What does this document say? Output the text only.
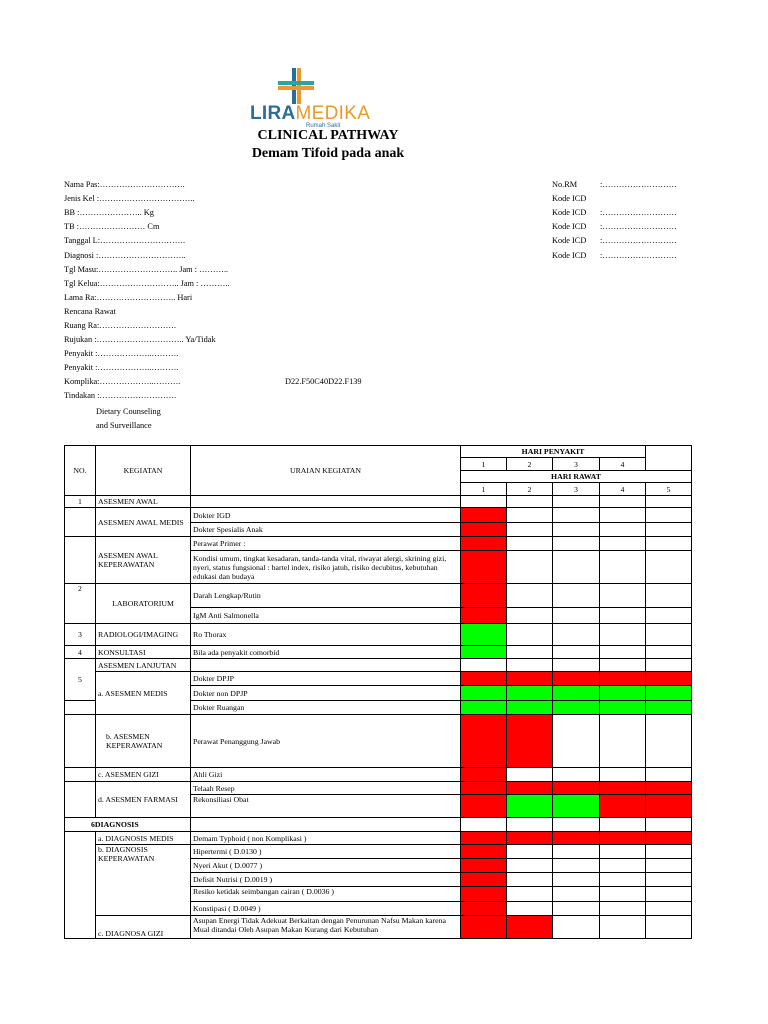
LIRAMEDIKA
Rumah Sakit
CLINICAL PATHWAY
Demam Tifoid pada anak
Nama Pas:………………………….
Jenis Kel :……………………………..
BB :………………….. Kg
TB :…………………… Cm
Tanggal L:………………………….
Diagnosi :…………………………..
Tgl Masu:……………………….. Jam : ………..
Tgl Kelua:……………………….. Jam : ………..
Lama Ra:……………………….. Hari
Rencana Rawat
Ruang Ra:……………………….
Rujukan :………………………….. Ya/Tidak
Penyakit :………………..……….
Penyakit :………………..……….
Komplika:………………..……….
Tindakan :……………………….
Dietary Counseling
and Surveillance
D22.F50C40D22.F139
No.RM	:………………………
Kode ICD
Kode ICD :………………………
Kode ICD :………………………
Kode ICD :………………………
Kode ICD :………………………
NO.	KEGIATAN	URAIAN KEGIATAN	HARI PENYAKIT				
			1	2	3	4	
			HARI RAWAT				
			1	2	3	4	5
1	ASESMEN AWAL						
	ASESMEN AWAL MEDIS	Dokter IGD					
		Dokter Spesialis Anak					
	ASESMEN AWAL KEPERAWATAN	Perawat Primer :					
		Kondisi umum, tingkat kesadaran, tanda-tanda vital, riwayat alergi, skrining gizi, nyeri, status fungsional : bartel index, risiko jatuh, risiko decubitus, kebutuhan edukasi dan budaya					
2	LABORATORIUM	Darah Lengkap/Rutin					
		IgM Anti Salmonella					
3	RADIOLOGI/IMAGING	Ro Thorax					
4	KONSULTASI	Bila ada penyakit comorbid					
5	ASESMEN LANJUTAN						
	a. ASESMEN MEDIS	Dokter DPJP					
		Dokter non DPJP					
		Dokter Ruangan					
	b. ASESMEN KEPERAWATAN	Perawat Penanggung Jawab					
	c. ASESMEN GIZI	Ahli Gizi					
	d. ASESMEN FARMASI	Telaah Resep					
		Rekonsiliasi Obat					
6DIAGNOSIS							
	a. DIAGNOSIS MEDIS	Demam Typhoid ( non Komplikasi )					
	b. DIAGNOSIS KEPERAWATAN	Hipertermi ( D.0130 )					
		Nyeri Akut ( D.0077 )					
		Defisit Nutrisi ( D.0019 )					
		Resiko ketidak seimbangan cairan ( D.0036 )					
		Konstipasi ( D.0049 )					
	c. DIAGNOSA GIZI	Asupan Energi Tidak Adekuat Berkaitan dengan Penurunan Nafsu Makan karena Mual ditandai Oleh Asupan Makan Kurang dari Kebutuhan					
